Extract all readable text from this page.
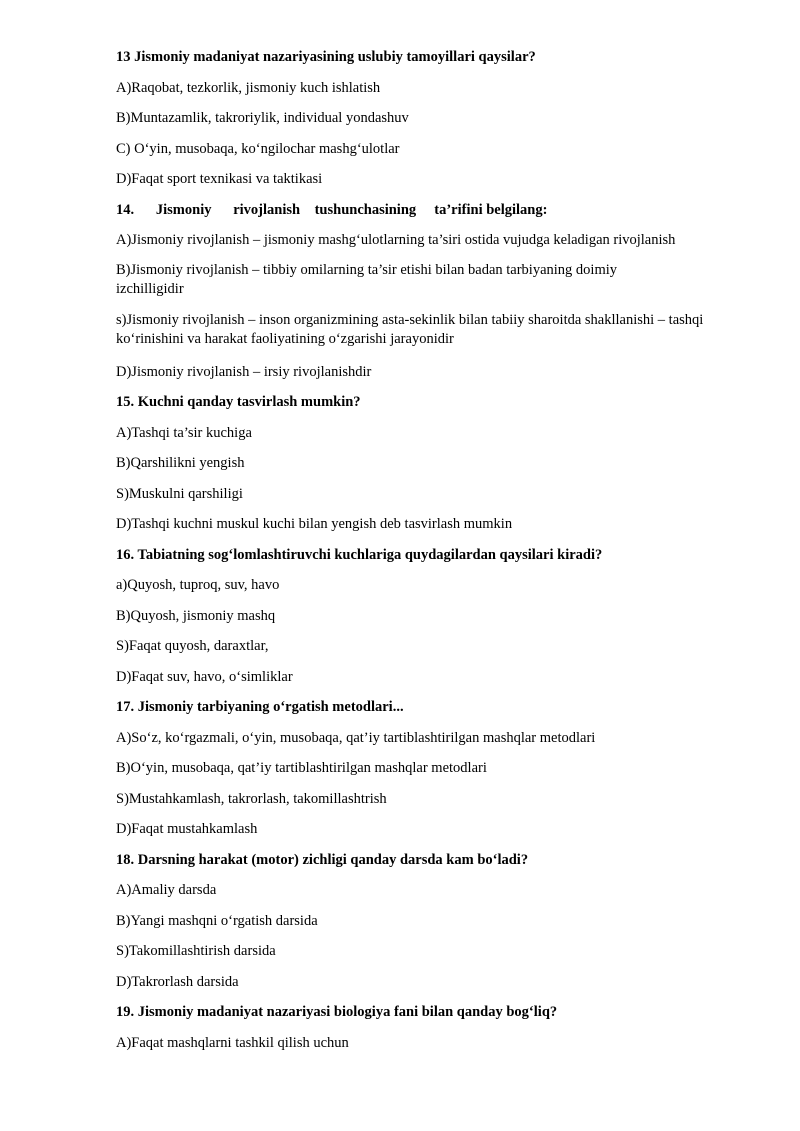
13 Jismoniy madaniyat nazariyasining uslubiy tamoyillari qaysilar?

A)Raqobat, tezkorlik, jismoniy kuch ishlatish

B)Muntazamlik, takroriylik, individual yondashuv

C) O‘yin, musobaqa, ko‘ngilochar mashg‘ulotlar

D)Faqat sport texnikasi va taktikasi

14.      Jismoniy      rivojlanish    tushunchasining     ta’rifini belgilang:

A)Jismoniy rivojlanish – jismoniy mashg‘ulotlarning ta’siri ostida vujudga keladigan rivojlanish

B)Jismoniy rivojlanish – tibbiy omilarning ta’sir etishi bilan badan tarbiyaning doimiy izchilligidir

s)Jismoniy rivojlanish – inson organizmining asta-sekinlik bilan tabiiy sharoitda shakllanishi – tashqi ko‘rinishini va harakat faoliyatining o‘zgarishi jarayonidir

D)Jismoniy rivojlanish – irsiy rivojlanishdir

15. Kuchni qanday tasvirlash mumkin?

A)Tashqi ta’sir kuchiga

B)Qarshilikni yengish

S)Muskulni qarshiligi

D)Tashqi kuchni muskul kuchi bilan yengish deb tasvirlash mumkin

16. Tabiatning sog‘lomlashtiruvchi kuchlariga quydagilardan qaysilari kiradi?

a)Quyosh, tuproq, suv, havo

B)Quyosh, jismoniy mashq

S)Faqat quyosh, daraxtlar,

D)Faqat suv, havo, o‘simliklar

17. Jismoniy tarbiyaning o‘rgatish metodlari...

A)So‘z, ko‘rgazmali, o‘yin, musobaqa, qat’iy tartiblashtirilgan mashqlar metodlari

B)O‘yin, musobaqa, qat’iy tartiblashtirilgan mashqlar metodlari

S)Mustahkamlash, takrorlash, takomillashtrish

D)Faqat mustahkamlash

18. Darsning harakat (motor) zichligi qanday darsda kam bo‘ladi?

A)Amaliy darsda

B)Yangi mashqni o‘rgatish darsida

S)Takomillashtirish darsida

D)Takrorlash darsida

19. Jismoniy madaniyat nazariyasi biologiya fani bilan qanday bog‘liq?

A)Faqat mashqlarni tashkil qilish uchun
